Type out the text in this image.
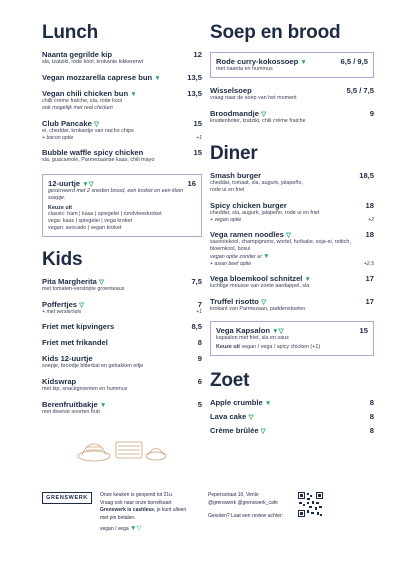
Lunch
Naanta gegrilde kip	12
sla, tzatziki, rode kool, krokante kikkererwt
Vegan mozzarella caprese bun ▼	13,5
Vegan chili chicken bun ▼	13,5
chilli crème fraîche, sla, rode kool
ook mogelijk met real chicken
Club Pancake ▽	15
ei, cheddar, krokantje van nacho chips
+ bacon optie	+1
Bubble waffle spicy chicken	15
sla, guacamole, Parmezaanse kaas, chili mayo
12-uurtje ▼▽	16
geserveerd met 2 sneden brood, een kroket en een klein soepje.
Keuze uit
classic: ham | kaas | spiegelei | rundvleeskroket
vega: kaas | spiegelei | vega kroket
vegan: avocado | vegan kroket
Kids
Pita Margherita ▽	7,5
met tomaten-verstopte groenteaus
Poffertjes ▽	7
+ met versiersels	+1
Friet met kipvingers	8,5
Friet met frikandel	8
Kids 12-uurtje	9
soepje, broodje bitterbal en gebakken eitje
Kidswrap	6
met kip, snackgroenten en hummus
Berenfruitbakje ▼	5
met diverse soorten fruit
Soep en brood
Rode curry-kokossoep ▼	6,5 / 9,5
met naanta en hummus
Wisselsoep	5,5 / 7,5
vraag naar de soep van het moment
Broodmandje ▽	9
kruidenboter, tzatziki, chili crème fraiche
Diner
Smash burger	18,5
cheddar, tomaat, sla, augurk, jalapeño,
rode ui en friet
Spicy chicken burger	18
cheddar, sla, augurk, jalapeño, rode ui en friet
+ vegan optie	+2
Vega ramen noodles ▽	18
savooiekool, champignons, wortel, furikake, soja-ei, rettich, bloemkool, bosui
vegan optie zonder ei ▼
+ asian beef optie	+2,5
Vega bloemkool schnitzel ▼	17
luchtige mousse van zoete aardappel, sla
Truffel risotto ▽	17
krokant van Parmezaan, paddenstoelen
Vega Kapsalon ▼▽	15
kapsalon met friet, sla en saus
Keuze uit vegan / vega / spicy chicken (+1)
Zoet
Apple crumble ▼	8
Lava cake ▽	8
Crème brûlée ▽	8
GRENSWERK	Onze keuken is geopend tot 21u
Vraag ook naar onze borrelkaart
Grenswerk is cashless, je kunt alleen
met pin betalen.
vegan / vega ▼▽
Pepersstraat 10, Venlo
@grenswerk @grenswerk_cafe
Gesoten? Laat een review achter:
